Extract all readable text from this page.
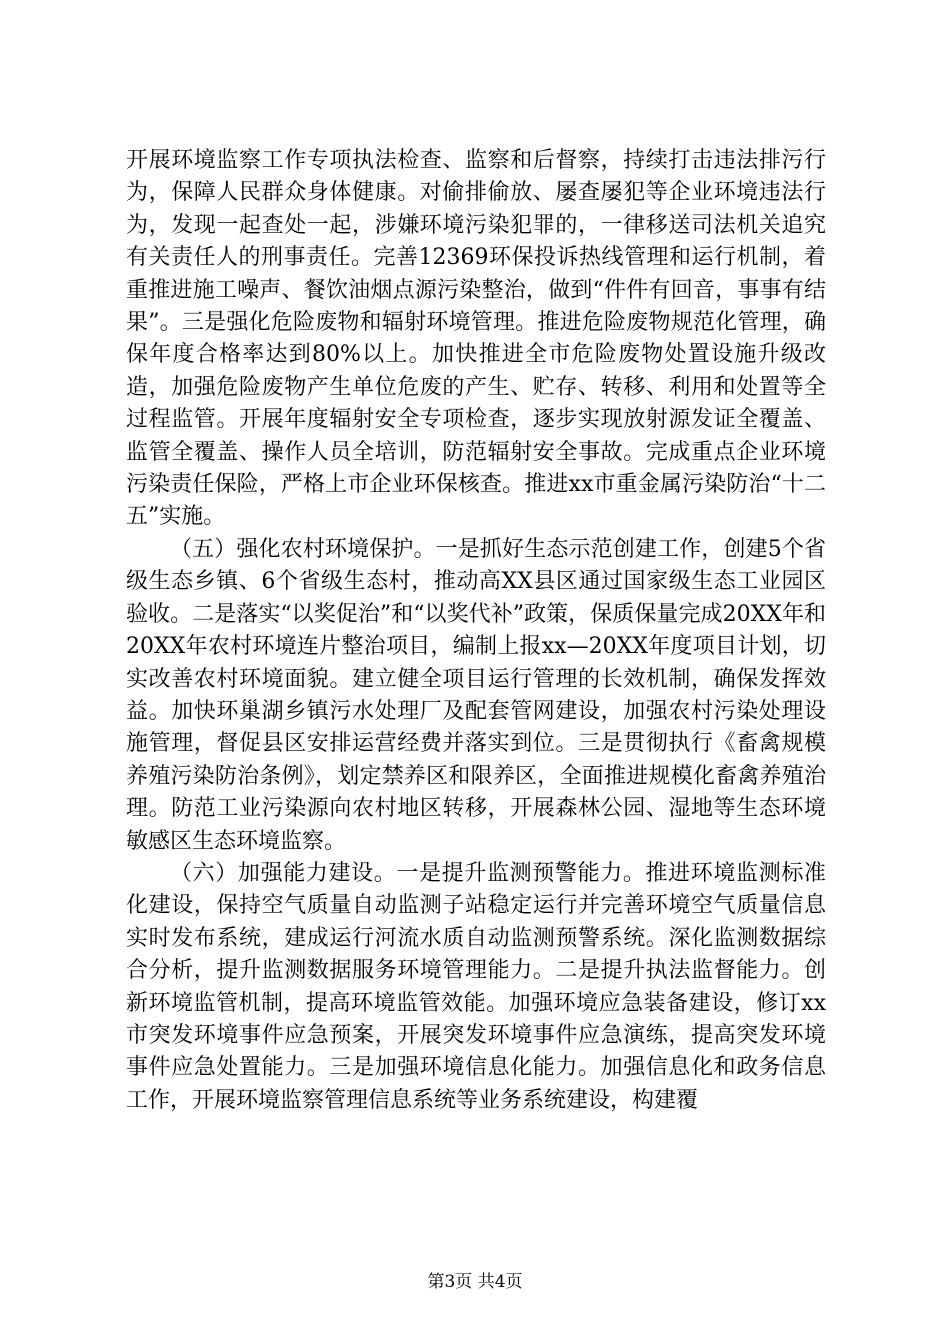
开展环境监察工作专项执法检查、监察和后督察，持续打击违法排污行为，保障人民群众身体健康。对偷排偷放、屡查屡犯等企业环境违法行为，发现一起查处一起，涉嫌环境污染犯罪的，一律移送司法机关追究有关责任人的刑事责任。完善12369环保投诉热线管理和运行机制，着重推进施工噪声、餐饮油烟点源污染整治，做到“件件有回音，事事有结果”。三是强化危险废物和辐射环境管理。推进危险废物规范化管理，确保年度合格率达到80%以上。加快推进全市危险废物处置设施升级改造，加强危险废物产生单位危废的产生、贮存、转移、利用和处置等全过程监管。开展年度辐射安全专项检查，逐步实现放射源发证全覆盖、监管全覆盖、操作人员全培训，防范辐射安全事故。完成重点企业环境污染责任保险，严格上市企业环保核查。推进xx市重金属污染防治“十二五”实施。

（五）强化农村环境保护。一是抓好生态示范创建工作，创建5个省级生态乡镇、6个省级生态村，推动高XX县区通过国家级生态工业园区验收。二是落实“以奖促治”和“以奖代补”政策，保质保量完成20XX年和20XX年农村环境连片整治项目，编制上报xx—20XX年度项目计划，切实改善农村环境面貌。建立健全项目运行管理的长效机制，确保发挥效益。加快环巢湖乡镇污水处理厂及配套管网建设，加强农村污染处理设施管理，督促县区安排运营经费并落实到位。三是贯彻执行《畜禽规模养殖污染防治条例》，划定禁养区和限养区，全面推进规模化畜禽养殖治理。防范工业污染源向农村地区转移，开展森林公园、湿地等生态环境敏感区生态环境监察。

（六）加强能力建设。一是提升监测预警能力。推进环境监测标准化建设，保持空气质量自动监测子站稳定运行并完善环境空气质量信息实时发布系统，建成运行河流水质自动监测预警系统。深化监测数据综合分析，提升监测数据服务环境管理能力。二是提升执法监督能力。创新环境监管机制，提高环境监管效能。加强环境应急装备建设，修订xx市突发环境事件应急预案，开展突发环境事件应急演练，提高突发环境事件应急处置能力。三是加强环境信息化能力。加强信息化和政务信息工作，开展环境监察管理信息系统等业务系统建设，构建覆

第3页 共4页
